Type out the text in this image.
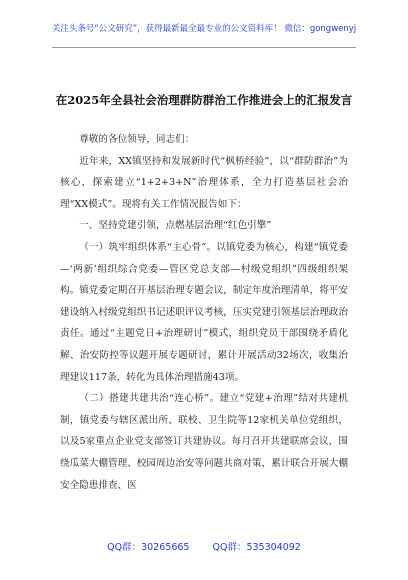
关注头条号“公文研究”，获得最新最全最专业的公文资料库！ 微信：gongwenyj
在2025年全县社会治理群防群治工作推进会上的汇报发言

尊敬的各位领导，同志们：

近年来，XX镇坚持和发展新时代“枫桥经验”，以“群防群治”为核心，探索建立“1+2+3+N”治理体系，全力打造基层社会治理“XX模式”。现将有关工作情况报告如下：

一、坚持党建引领，点燃基层治理“红色引擎”

（一）筑牢组织体系“主心骨”。以镇党委为核心，构建“镇党委—‘两新’组织综合党委—管区党总支部—村级党组织”四级组织架构。镇党委定期召开基层治理专题会议，制定年度治理清单，将平安建设纳入村级党组织书记述职评议考核，压实党建引领基层治理政治责任。通过“主题党日+治理研讨”模式，组织党员干部围绕矛盾化解、治安防控等议题开展专题研讨，累计开展活动32场次，收集治理建议117条，转化为具体治理措施43项。

（二）搭建共建共治“连心桥”。建立“党建+治理”结对共建机制，镇党委与辖区派出所、联校、卫生院等12家机关单位党组织，以及5家重点企业党支部签订共建协议。每月召开共建联席会议，围绕瓜菜大棚管理、校园周边治安等问题共商对策，累计联合开展大棚安全隐患排查、医

QQ群：30265665 QQ群：535304092
